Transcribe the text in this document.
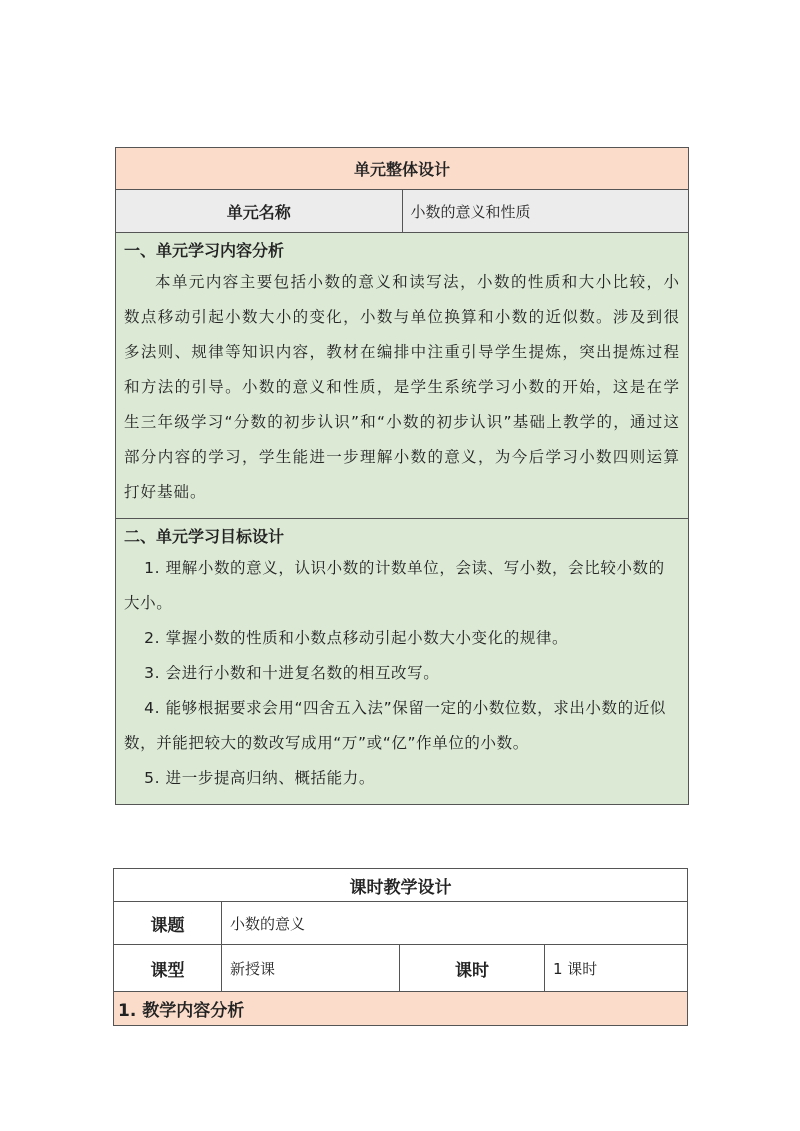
单元整体设计
单元名称	小数的意义和性质

一、单元学习内容分析

本单元内容主要包括小数的意义和读写法，小数的性质和大小比较，小数点移动引起小数大小的变化，小数与单位换算和小数的近似数。涉及到很多法则、规律等知识内容，教材在编排中注重引导学生提炼，突出提炼过程和方法的引导。小数的意义和性质，是学生系统学习小数的开始，这是在学生三年级学习“分数的初步认识”和“小数的初步认识”基础上教学的，通过这部分内容的学习，学生能进一步理解小数的意义，为今后学习小数四则运算打好基础。

二、单元学习目标设计

1. 理解小数的意义，认识小数的计数单位，会读、写小数，会比较小数的大小。

2. 掌握小数的性质和小数点移动引起小数大小变化的规律。

3. 会进行小数和十进复名数的相互改写。

4. 能够根据要求会用“四舍五入法”保留一定的小数位数，求出小数的近似数，并能把较大的数改写成用“万”或“亿”作单位的小数。

5. 进一步提高归纳、概括能力。

课时教学设计			
课题	小数的意义		
课型	新授课	课时	1 课时
1. 教学内容分析			
